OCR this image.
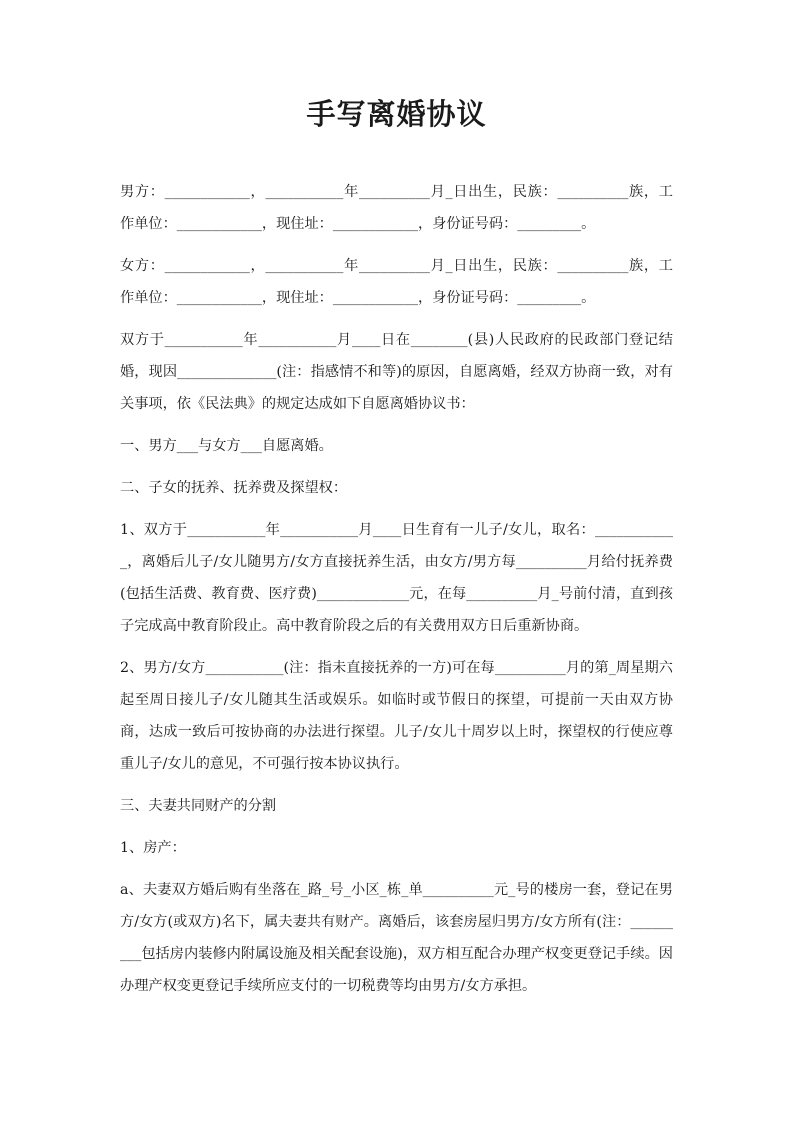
手写离婚协议

男方：____________，___________年__________月_日出生，民族：__________族，工作单位：____________，现住址：____________，身份证号码：_________。

女方：____________，___________年__________月_日出生，民族：__________族，工作单位：____________，现住址：____________，身份证号码：_________。

双方于___________年___________月____日在________(县)人民政府的民政部门登记结婚，现因______________(注：指感情不和等)的原因，自愿离婚，经双方协商一致，对有关事项，依《民法典》的规定达成如下自愿离婚协议书：

一、男方___与女方___自愿离婚。

二、子女的抚养、抚养费及探望权：

1、双方于___________年___________月____日生育有一儿子/女儿，取名：____________，离婚后儿子/女儿随男方/女方直接抚养生活，由女方/男方每__________月给付抚养费(包括生活费、教育费、医疗费)_____________元，在每__________月_号前付清，直到孩子完成高中教育阶段止。高中教育阶段之后的有关费用双方日后重新协商。

2、男方/女方___________(注：指未直接抚养的一方)可在每__________月的第_周星期六起至周日接儿子/女儿随其生活或娱乐。如临时或节假日的探望，可提前一天由双方协商，达成一致后可按协商的办法进行探望。儿子/女儿十周岁以上时，探望权的行使应尊重儿子/女儿的意见，不可强行按本协议执行。

三、夫妻共同财产的分割

1、房产：

a、夫妻双方婚后购有坐落在_路_号_小区_栋_单__________元_号的楼房一套，登记在男方/女方(或双方)名下，属夫妻共有财产。离婚后，该套房屋归男方/女方所有(注：_________包括房内装修内附属设施及相关配套设施)，双方相互配合办理产权变更登记手续。因办理产权变更登记手续所应支付的一切税费等均由男方/女方承担。
